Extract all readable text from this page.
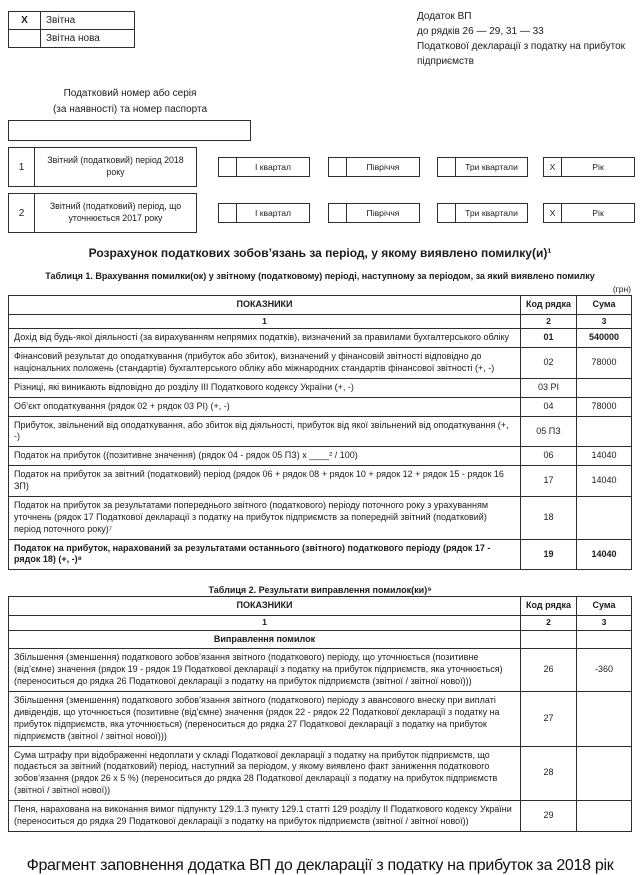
X	Звітна
	Звітна нова
Додаток ВП
до рядків 26 — 29, 31 — 33
Податкової декларації з податку на прибуток підприємств
Податковий номер або серія
(за наявності) та номер паспорта
1
Звітний (податковий) період 2018 року	І квартал	Півріччя	Три квартали	X	Рік
2
Звітний (податковий) період, що уточнюється 2017 року	І квартал	Півріччя	Три квартали	X	Рік
Розрахунок податкових зобов’язань за період, у якому виявлено помилку(и)¹
Таблиця 1. Врахування помилки(ок) у звітному (податковому) періоді, наступному за періодом, за який виявлено помилку
(грн)
ПОКАЗНИКИ	Код рядка	Сума
1	2	3
Дохід від будь-якої діяльності (за вирахуванням непрямих податків), визначений за правилами бухгалтерського обліку	01	540000
Фінансовий результат до оподаткування (прибуток або збиток), визначений у фінансовій звітності відповідно до національних положень (стандартів) бухгалтерського обліку або міжнародних стандартів фінансової звітності (+, -)	02	78000
Різниці, які виникають відповідно до розділу ІІІ Податкового кодексу України (+, -)	03 РІ	
Об’єкт оподаткування (рядок 02 + рядок 03 РІ) (+, -)	04	78000
Прибуток, звільнений від оподаткування, або збиток від діяльності, прибуток від якої звільнений від оподаткування (+, -)	05 ПЗ	
Податок на прибуток ((позитивне значення) (рядок 04 - рядок 05 ПЗ) х ____² / 100)	06	14040
Податок на прибуток за звітний (податковий) період (рядок 06 + рядок 08 + рядок 10 + рядок 12 + рядок 15 - рядок 16 ЗП)	17	14040
Податок на прибуток за результатами попереднього звітного (податкового) періоду поточного року з урахуванням уточнень (рядок 17 Податкової декларації з податку на прибуток підприємств за попередній звітний (податковий) період поточного року)⁷	18	
Податок на прибуток, нарахований за результатами останнього (звітного) податкового періоду (рядок 17 - рядок 18) (+, -)⁸	19	14040
Таблиця 2. Результати виправлення помилок(ки)⁹
ПОКАЗНИКИ	Код рядка	Сума
1	2	3
Виправлення помилок		
Збільшення (зменшення) податкового зобов’язання звітного (податкового) періоду, що уточнюється (позитивне (від’ємне) значення (рядок 19 - рядок 19 Податкової декларації з податку на прибуток підприємств, яка уточнюється) (переноситься до рядка 26 Податкової декларації з податку на прибуток підприємств (звітної / звітної нової)))	26	-360
Збільшення (зменшення) податкового зобов’язання звітного (податкового) періоду з авансового внеску при виплаті дивідендів, що уточнюється (позитивне (від’ємне) значення (рядок 22 - рядок 22 Податкової декларації з податку на прибуток підприємств, яка уточнюється) (переноситься до рядка 27 Податкової декларації з податку на прибуток підприємств (звітної / звітної нової)))	27	
Сума штрафу при відображенні недоплати у складі Податкової декларації з податку на прибуток підприємств, що подається за звітний (податковий) період, наступний за періодом, у якому виявлено факт заниження податкового зобов’язання (рядок 26 х 5 %) (переноситься до рядка 28 Податкової декларації з податку на прибуток підприємств (звітної / звітної нової))	28	
Пеня, нарахована на виконання вимог підпункту 129.1.3 пункту 129.1 статті 129 розділу ІІ Податкового кодексу України (переноситься до рядка 29 Податкової декларації з податку на прибуток підприємств (звітної / звітної нової))	29	
Фрагмент заповнення додатка ВП до декларації з податку на прибуток за 2018 рік
